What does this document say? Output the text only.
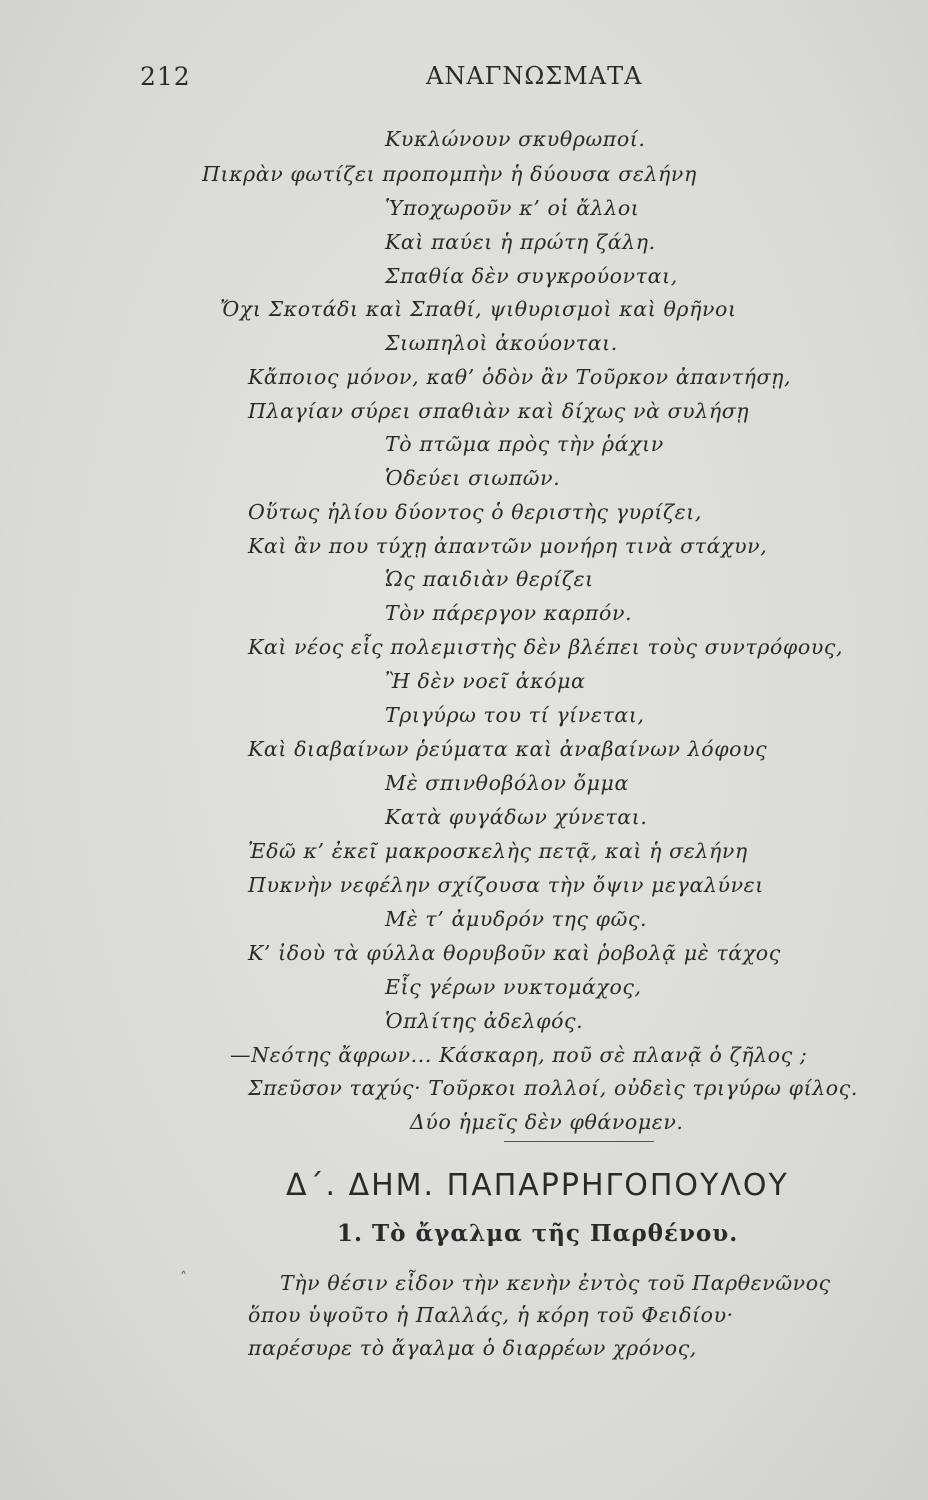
212	ΑΝΑΓΝΩΣΜΑΤΑ
Κυκλώνουν σκυθρωποί.
Πικρὰν φωτίζει προπομπὴν ἡ δύουσα σελήνη
Ὑποχωροῦν κ’ οἱ ἄλλοι
Καὶ παύει ἡ πρώτη ζάλη.
Σπαθία δὲν συγκρούονται,
Ὄχι Σκοτάδι καὶ Σπαθί, ψιθυρισμοὶ καὶ θρῆνοι
Σιωπηλοὶ ἀκούονται.
Κἄποιος μόνον, καθ’ ὁδὸν ἂν Τοῦρκον ἀπαντήσῃ,
Πλαγίαν σύρει σπαθιὰν καὶ δίχως νὰ συλήσῃ
Τὸ πτῶμα πρὸς τὴν ῥάχιν
Ὁδεύει σιωπῶν.
Οὕτως ἡλίου δύοντος ὁ θεριστὴς γυρίζει,
Καὶ ἂν που τύχῃ ἀπαντῶν μονήρη τινὰ στάχυν,
Ὡς παιδιὰν θερίζει
Τὸν πάρεργον καρπόν.
Καὶ νέος εἷς πολεμιστὴς δὲν βλέπει τοὺς συντρόφους,
Ἢ δὲν νοεῖ ἀκόμα
Τριγύρω του τί γίνεται,
Καὶ διαβαίνων ῥεύματα καὶ ἀναβαίνων λόφους
Μὲ σπινθοβόλον ὄμμα
Κατὰ φυγάδων χύνεται.
Ἐδῶ κ’ ἐκεῖ μακροσκελὴς πετᾷ, καὶ ἡ σελήνη
Πυκνὴν νεφέλην σχίζουσα τὴν ὄψιν μεγαλύνει
Μὲ τ’ ἀμυδρόν της φῶς.
Κ’ ἰδοὺ τὰ φύλλα θορυβοῦν καὶ ῥοβολᾷ μὲ τάχος
Εἷς γέρων νυκτομάχος,
Ὁπλίτης ἀδελφός.
—Νεότης ἄφρων... Κάσκαρη, ποῦ σὲ πλανᾷ ὁ ζῆλος ;
Σπεῦσον ταχύς· Τοῦρκοι πολλοί, οὐδεὶς τριγύρω φίλος.
Δύο ἡμεῖς δὲν φθάνομεν.
Δ΄. ΔΗΜ. ΠΑΠΑΡΡΗΓΟΠΟΥΛΟΥ
1. Τὸ ἄγαλμα τῆς Παρθένου.
˄	Τὴν θέσιν εἶδον τὴν κενὴν ἐντὸς τοῦ Παρθενῶνος
ὅπου ὑψοῦτο ἡ Παλλάς, ἡ κόρη τοῦ Φειδίου·
παρέσυρε τὸ ἄγαλμα ὁ διαρρέων χρόνος,
